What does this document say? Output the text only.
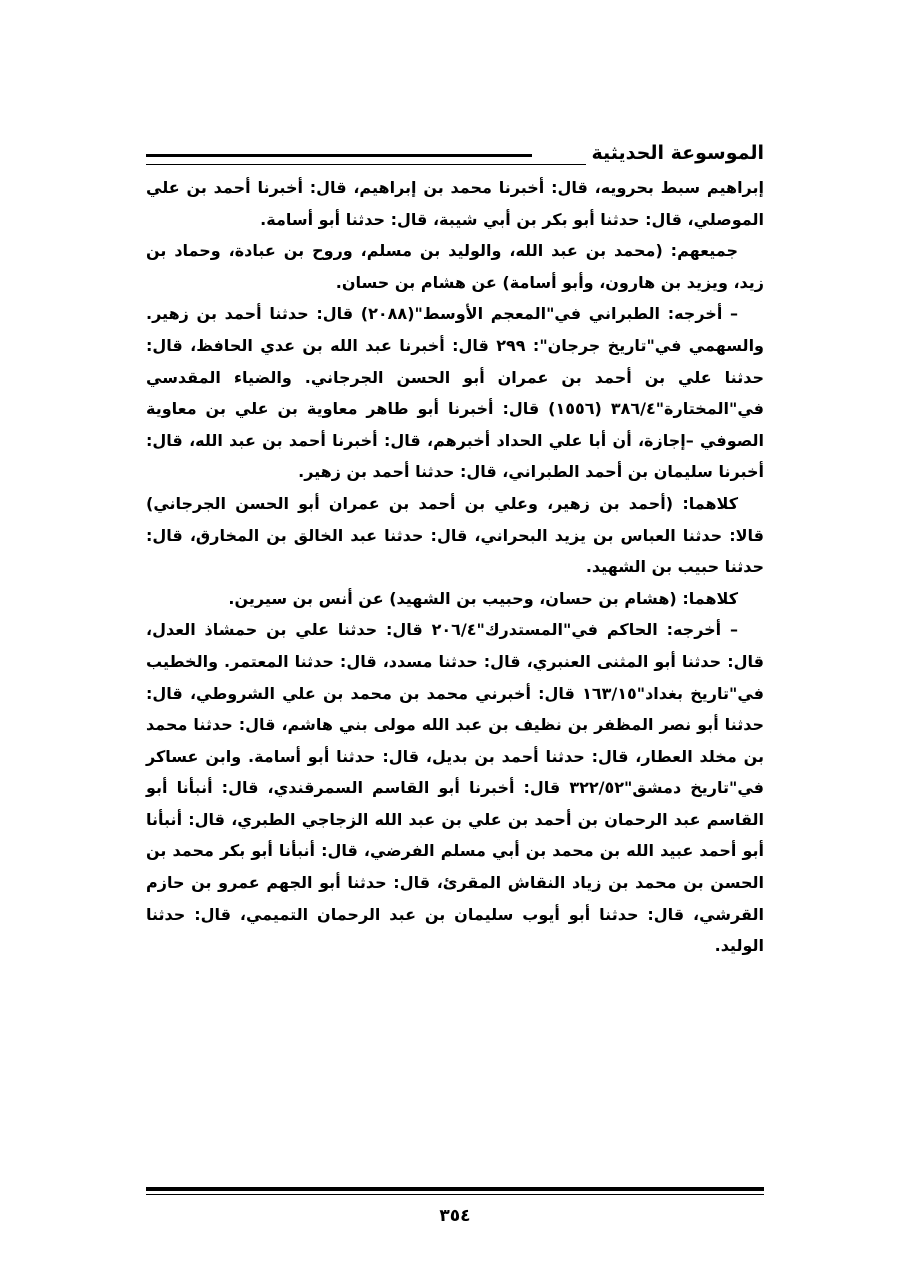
الموسوعة الحديثية

إبراهيم سبط بحرويه، قال: أخبرنا محمد بن إبراهيم، قال: أخبرنا أحمد بن علي الموصلي، قال: حدثنا أبو بكر بن أبي شيبة، قال: حدثنا أبو أسامة.

جميعهم: (محمد بن عبد الله، والوليد بن مسلم، وروح بن عبادة، وحماد بن زيد، ويزيد بن هارون، وأبو أسامة) عن هشام بن حسان.

– أخرجه: الطبراني في"المعجم الأوسط"(٢٠٨٨) قال: حدثنا أحمد بن زهير. والسهمي في"تاريخ جرجان": ٢٩٩ قال: أخبرنا عبد الله بن عدي الحافظ، قال: حدثنا علي بن أحمد بن عمران أبو الحسن الجرجاني. والضياء المقدسي في"المختارة"٣٨٦/٤ (١٥٥٦) قال: أخبرنا أبو طاهر معاوية بن علي بن معاوية الصوفي –إجازة، أن أبا علي الحداد أخبرهم، قال: أخبرنا أحمد بن عبد الله، قال: أخبرنا سليمان بن أحمد الطبراني، قال: حدثنا أحمد بن زهير.

كلاهما: (أحمد بن زهير، وعلي بن أحمد بن عمران أبو الحسن الجرجاني) قالا: حدثنا العباس بن يزيد البحراني، قال: حدثنا عبد الخالق بن المخارق، قال: حدثنا حبيب بن الشهيد.

كلاهما: (هشام بن حسان، وحبيب بن الشهيد) عن أنس بن سيرين.

– أخرجه: الحاكم في"المستدرك"٢٠٦/٤ قال: حدثنا علي بن حمشاذ العدل، قال: حدثنا أبو المثنى العنبري، قال: حدثنا مسدد، قال: حدثنا المعتمر. والخطيب في"تاريخ بغداد"١٦٣/١٥ قال: أخبرني محمد بن محمد بن علي الشروطي، قال: حدثنا أبو نصر المظفر بن نظيف بن عبد الله مولى بني هاشم، قال: حدثنا محمد بن مخلد العطار، قال: حدثنا أحمد بن بديل، قال: حدثنا أبو أسامة. وابن عساكر في"تاريخ دمشق"٣٢٢/٥٢ قال: أخبرنا أبو القاسم السمرقندي، قال: أنبأنا أبو القاسم عبد الرحمان بن أحمد بن علي بن عبد الله الزجاجي الطبري، قال: أنبأنا أبو أحمد عبيد الله بن محمد بن أبي مسلم الفرضي، قال: أنبأنا أبو بكر محمد بن الحسن بن محمد بن زياد النقاش المقرئ، قال: حدثنا أبو الجهم عمرو بن حازم القرشي، قال: حدثنا أبو أيوب سليمان بن عبد الرحمان التميمي، قال: حدثنا الوليد.

٣٥٤
